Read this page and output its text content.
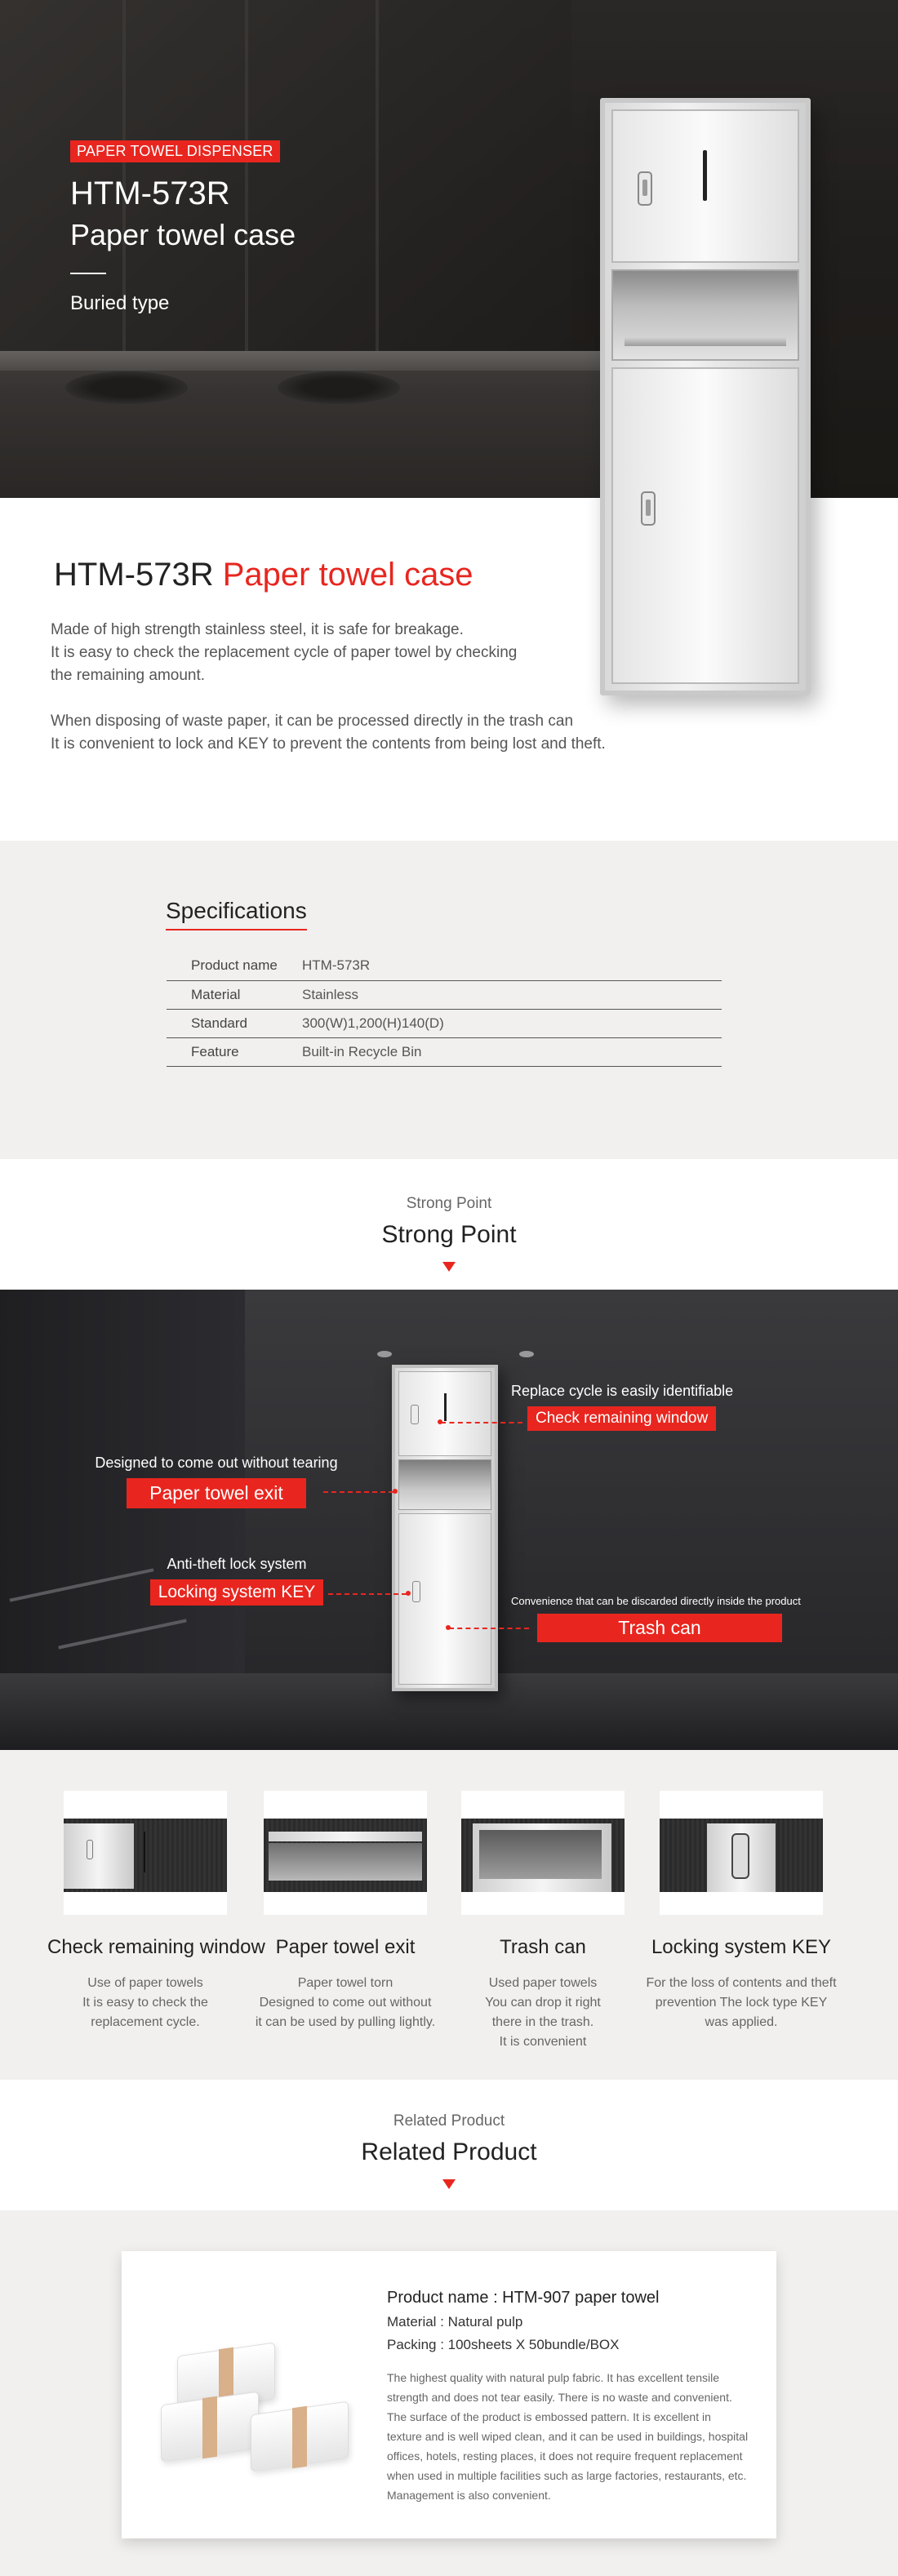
PAPER TOWEL DISPENSER
HTM-573R
Paper towel case
Buried type
HTM-573R Paper towel case
Made of high strength stainless steel, it is safe for breakage.
It is easy to check the replacement cycle of paper towel by checking
the remaining amount.
When disposing of waste paper, it can be processed directly in the trash can
It is convenient to lock and KEY to prevent the contents from being lost and theft.
Specifications
Product name	HTM-573R
Material	Stainless
Standard	300(W)1,200(H)140(D)
Feature	Built-in Recycle Bin
Strong Point
Strong Point
Replace cycle is easily identifiable
Check remaining window
Designed to come out without tearing
Paper towel exit
Anti-theft lock system
Locking system KEY	Convenience that can be discarded directly inside the product
Trash can
Check remaining window
Use of paper towels
It is easy to check the
replacement cycle.
Paper towel exit
Paper towel torn
Designed to come out without
it can be used by pulling lightly.
Trash can
Used paper towels
You can drop it right
there in the trash.
It is convenient
Locking system KEY
For the loss of contents and theft
prevention The lock type KEY
was applied.
Related Product
Related Product
Product name : HTM-907 paper towel
Material : Natural pulp
Packing : 100sheets X 50bundle/BOX
The highest quality with natural pulp fabric. It has excellent tensile
strength and does not tear easily. There is no waste and convenient.
The surface of the product is embossed pattern. It is excellent in
texture and is well wiped clean, and it can be used in buildings, hospital
offices, hotels, resting places, it does not require frequent replacement
when used in multiple facilities such as large factories, restaurants, etc.
Management is also convenient.
